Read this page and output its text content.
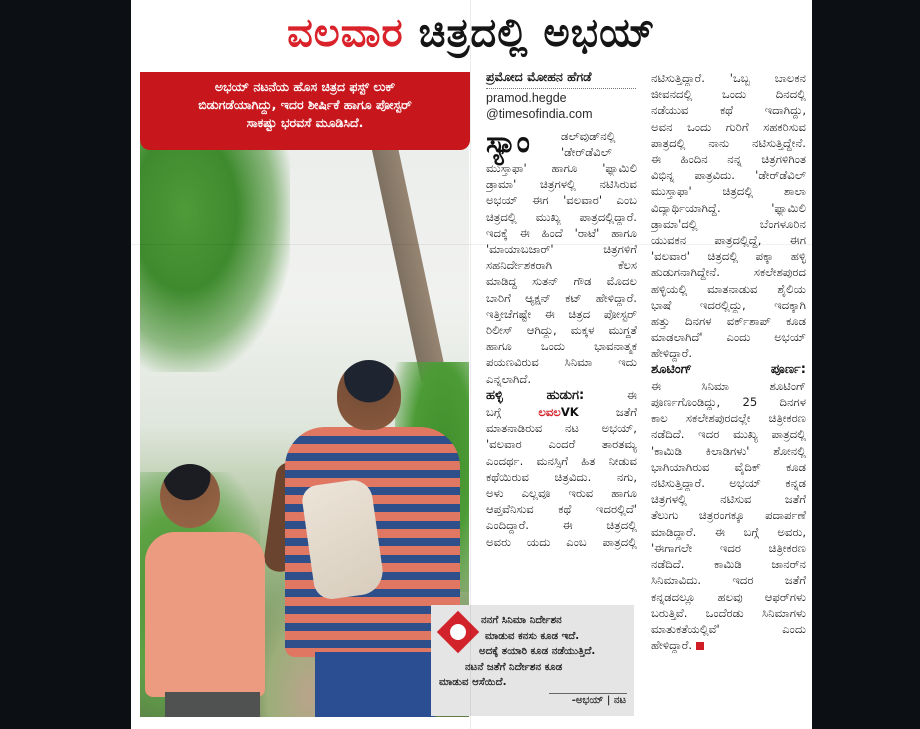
ವಲವಾರ ಚಿತ್ರದಲ್ಲಿ ಅಭಯ್
ಅಭಯ್ ನಟನೆಯ ಹೊಸ ಚಿತ್ರದ ಫಸ್ಟ್ ಲುಕ್
ಬಿಡುಗಡೆಯಾಗಿದ್ದು, ಇದರ ಶೀರ್ಷಿಕೆ ಹಾಗೂ ಪೋಸ್ಟರ್
ಸಾಕಷ್ಟು ಭರವಸೆ ಮೂಡಿಸಿದೆ.
ಪ್ರಮೋದ ಮೋಹನ ಹೆಗಡೆ
pramod.hegde
@timesofindia.com
ಸ್ಯಾಂ	ಡಲ್‌ವುಡ್‌ನಲ್ಲಿ
'ಡೇರ್‌ಡೆವಿಲ್
ಮುಸ್ತಾಫಾ' ಹಾಗೂ 'ಫ್ಯಾಮಿಲಿ
ಡ್ರಾಮಾ' ಚಿತ್ರಗಳಲ್ಲಿ ನಟಿಸಿರುವ
ಅಭಯ್ ಈಗ 'ವಲವಾರ' ಎಂಬ
ಚಿತ್ರದಲ್ಲಿ ಮುಖ್ಯ ಪಾತ್ರದಲ್ಲಿದ್ದಾರೆ.
ಇದಕ್ಕೆ ಈ ಹಿಂದೆ 'ರಾಟೆ' ಹಾಗೂ
'ಮಾಯಾಬಜಾರ್' ಚಿತ್ರಗಳಿಗೆ
ಸಹನಿರ್ದೇಶಕರಾಗಿ ಕೆಲಸ
ಮಾಡಿದ್ದ ಸುತನ್ ಗೌಡ ಮೊದಲ
ಬಾರಿಗೆ ಆ್ಯಕ್ಷನ್ ಕಟ್ ಹೇಳಿದ್ದಾರೆ.
ಇತ್ತೀಚೆಗಷ್ಟೇ ಈ ಚಿತ್ರದ ಪೋಸ್ಟರ್
ರಿಲೀಸ್ ಆಗಿದ್ದು, ಮಕ್ಕಳ ಮುಗ್ಧತೆ
ಹಾಗೂ ಒಂದು ಭಾವನಾತ್ಮಕ
ಪಯಣವಿರುವ ಸಿನಿಮಾ ಇದು
ಎನ್ನಲಾಗಿದೆ.
ಹಳ್ಳಿ ಹುಡುಗ:	ಈ
ಬಗ್ಗೆ	ಲವಲVK	ಜತೆಗೆ
ಮಾತನಾಡಿರುವ ನಟ ಅಭಯ್,
'ವಲವಾರ ಎಂದರೆ ತಾರತಮ್ಯ
ಎಂದರ್ಥ. ಮನಸ್ಸಿಗೆ ಹಿತ ನೀಡುವ
ಕಥೆಯಿರುವ ಚಿತ್ರವಿದು. ನಗು,
ಅಳು ಎಲ್ಲವೂ ಇರುವ ಹಾಗೂ
ಆಪ್ತವೆನಿಸುವ ಕಥೆ ಇದರಲ್ಲಿದೆ'
ಎಂದಿದ್ದಾರೆ. ಈ ಚಿತ್ರದಲ್ಲಿ
ಅವರು ಯದು ಎಂಬ ಪಾತ್ರದಲ್ಲಿ
ನಟಿಸುತ್ತಿದ್ದಾರೆ. 'ಒಬ್ಬ ಬಾಲಕನ
ಜೀವನದಲ್ಲಿ ಒಂದು ದಿನದಲ್ಲಿ
ನಡೆಯುವ ಕಥೆ ಇದಾಗಿದ್ದು,
ಅವನ ಒಂದು ಗುರಿಗೆ ಸಹಕರಿಸುವ
ಪಾತ್ರದಲ್ಲಿ ನಾನು ನಟಿಸುತ್ತಿದ್ದೇನೆ.
ಈ ಹಿಂದಿನ ನನ್ನ ಚಿತ್ರಗಳಿಗಿಂತ
ವಿಭಿನ್ನ ಪಾತ್ರವಿದು. 'ಡೇರ್‌ಡೆವಿಲ್
ಮುಸ್ತಾಫಾ' ಚಿತ್ರದಲ್ಲಿ ಶಾಲಾ
ವಿದ್ಯಾರ್ಥಿಯಾಗಿದ್ದೆ. 'ಫ್ಯಾಮಿಲಿ
ಡ್ರಾಮಾ'ದಲ್ಲಿ ಬೆಂಗಳೂರಿನ
ಯುವಕನ ಪಾತ್ರದಲ್ಲಿದ್ದೆ, ಈಗ
'ವಲವಾರ' ಚಿತ್ರದಲ್ಲಿ ಪಕ್ಕಾ ಹಳ್ಳಿ
ಹುಡುಗನಾಗಿದ್ದೇನೆ. ಸಕಲೇಶಪುರದ
ಹಳ್ಳಿಯಲ್ಲಿ ಮಾತನಾಡುವ ಶೈಲಿಯ
ಭಾಷೆ ಇದರಲ್ಲಿದ್ದು, ಇದಕ್ಕಾಗಿ
ಹತ್ತು ದಿನಗಳ ವರ್ಕ್‌ಶಾಪ್ ಕೂಡ
ಮಾಡಲಾಗಿದೆ' ಎಂದು ಅಭಯ್
ಹೇಳಿದ್ದಾರೆ.
ಶೂಟಿಂಗ್ ಪೂರ್ಣ:
ಈ ಸಿನಿಮಾ ಶೂಟಿಂಗ್
ಪೂರ್ಣಗೊಂಡಿದ್ದು, 25 ದಿನಗಳ
ಕಾಲ ಸಕಲೇಶಪುರದಲ್ಲೇ ಚಿತ್ರೀಕರಣ
ನಡೆದಿದೆ. ಇದರ ಮುಖ್ಯ ಪಾತ್ರದಲ್ಲಿ
'ಕಾಮಿಡಿ ಕಿಲಾಡಿಗಳು' ಶೋನಲ್ಲಿ
ಭಾಗಿಯಾಗಿರುವ ವೈದಿಕ್ ಕೂಡ
ನಟಿಸುತ್ತಿದ್ದಾರೆ. ಅಭಯ್ ಕನ್ನಡ
ಚಿತ್ರಗಳಲ್ಲಿ ನಟಿಸುವ ಜತೆಗೆ
ತೆಲುಗು ಚಿತ್ರರಂಗಕ್ಕೂ ಪದಾರ್ಪಣೆ
ಮಾಡಿದ್ದಾರೆ. ಈ ಬಗ್ಗೆ ಅವರು,
'ಈಗಾಗಲೇ ಇದರ ಚಿತ್ರೀಕರಣ
ನಡೆದಿದೆ. ಕಾಮಿಡಿ ಜಾನರ್‌ನ
ಸಿನಿಮಾವಿದು. ಇದರ ಜತೆಗೆ
ಕನ್ನಡದಲ್ಲೂ ಹಲವು ಆಫರ್‌ಗಳು
ಬರುತ್ತಿವೆ. ಒಂದೆರಡು ಸಿನಿಮಾಗಳು
ಮಾತುಕತೆಯಲ್ಲಿವೆ' ಎಂದು
ಹೇಳಿದ್ದಾರೆ.
ನನಗೆ ಸಿನಿಮಾ ನಿರ್ದೇಶನ
ಮಾಡುವ ಕನಸು ಕೂಡ ಇದೆ.
ಅದಕ್ಕೆ ತಯಾರಿ ಕೂಡ ನಡೆಯುತ್ತಿದೆ.
ನಟನೆ ಜತೆಗೆ ನಿರ್ದೇಶನ ಕೂಡ
ಮಾಡುವ ಆಸೆಯಿದೆ.
-ಅಭಯ್ | ನಟ
